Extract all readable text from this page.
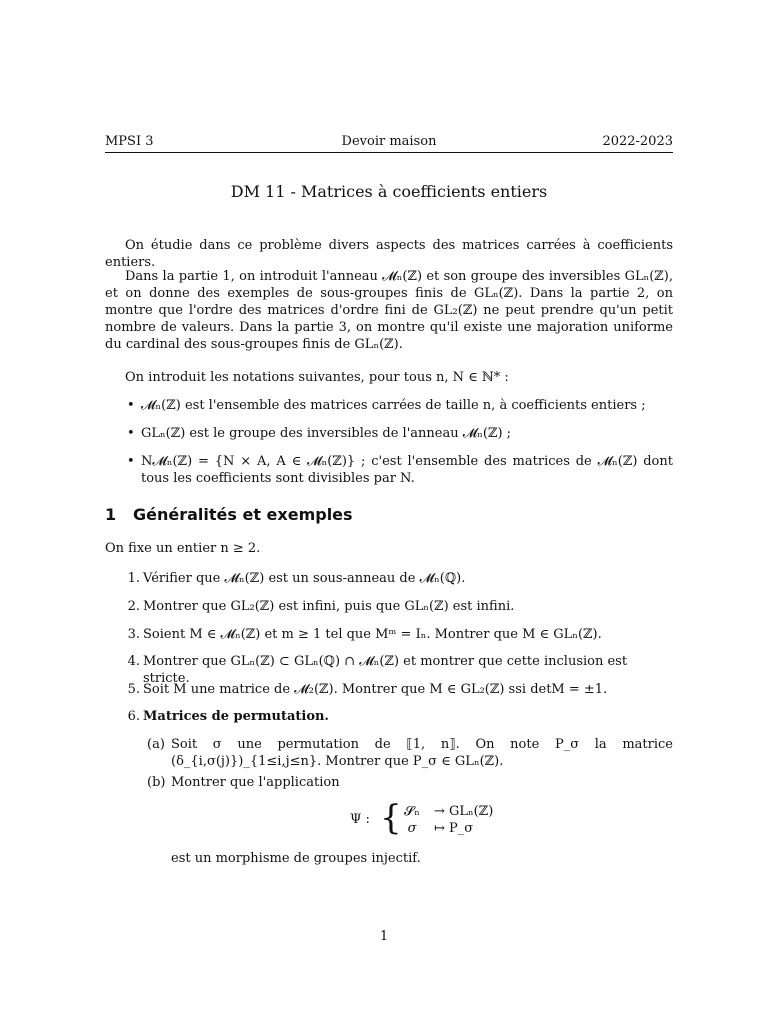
MPSI 3	Devoir maison	2022-2023
DM 11 - Matrices à coefficients entiers
On étudie dans ce problème divers aspects des matrices carrées à coefficients entiers.
Dans la partie 1, on introduit l'anneau 𝓜ₙ(ℤ) et son groupe des inversibles GLₙ(ℤ), et on donne des exemples de sous-groupes finis de GLₙ(ℤ). Dans la partie 2, on montre que l'ordre des matrices d'ordre fini de GL₂(ℤ) ne peut prendre qu'un petit nombre de valeurs. Dans la partie 3, on montre qu'il existe une majoration uniforme du cardinal des sous-groupes finis de GLₙ(ℤ).
On introduit les notations suivantes, pour tous n, N ∈ ℕ* :
• 𝓜ₙ(ℤ) est l'ensemble des matrices carrées de taille n, à coefficients entiers ;
• GLₙ(ℤ) est le groupe des inversibles de l'anneau 𝓜ₙ(ℤ) ;
• N𝓜ₙ(ℤ) = {N × A, A ∈ 𝓜ₙ(ℤ)} ; c'est l'ensemble des matrices de 𝓜ₙ(ℤ) dont tous les coefficients sont divisibles par N.
1 Généralités et exemples
On fixe un entier n ≥ 2.
1. Vérifier que 𝓜ₙ(ℤ) est un sous-anneau de 𝓜ₙ(ℚ).
2. Montrer que GL₂(ℤ) est infini, puis que GLₙ(ℤ) est infini.
3. Soient M ∈ 𝓜ₙ(ℤ) et m ≥ 1 tel que Mᵐ = Iₙ. Montrer que M ∈ GLₙ(ℤ).
4. Montrer que GLₙ(ℤ) ⊂ GLₙ(ℚ) ∩ 𝓜ₙ(ℤ) et montrer que cette inclusion est stricte.
5. Soit M une matrice de 𝓜₂(ℤ). Montrer que M ∈ GL₂(ℤ) ssi detM = ±1.
6. Matrices de permutation.
(a) Soit σ une permutation de ⟦1, n⟧. On note P_σ la matrice (δ_{i,σ(j)})_{1≤i,j≤n}. Montrer que P_σ ∈ GLₙ(ℤ).
(b) Montrer que l'application
Ψ : { 𝓢ₙ	→ GLₙ(ℤ)
σ	↦ P_σ
est un morphisme de groupes injectif.
1
